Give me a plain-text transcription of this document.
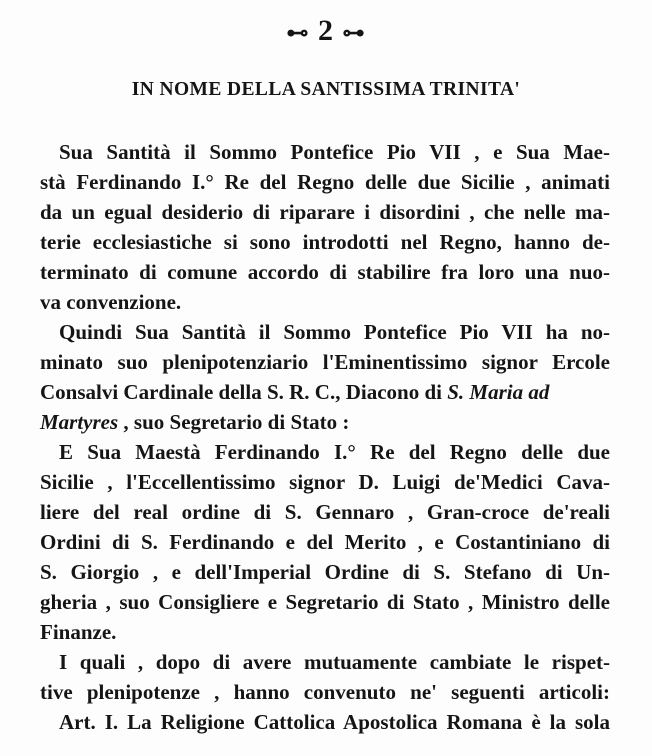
⊷ 2 ⊶
IN NOME DELLA SANTISSIMA TRINITA'
Sua Santità il Sommo Pontefice Pio VII , e Sua Mae-
stà Ferdinando I.° Re del Regno delle due Sicilie , animati
da un egual desiderio di riparare i disordini , che nelle ma-
terie ecclesiastiche si sono introdotti nel Regno, hanno de-
terminato di comune accordo di stabilire fra loro una nuo-
va convenzione.
Quindi Sua Santità il Sommo Pontefice Pio VII ha no-
minato suo plenipotenziario l'Eminentissimo signor Ercole
Consalvi Cardinale della S. R. C., Diacono di S. Maria ad
Martyres , suo Segretario di Stato :
E Sua Maestà Ferdinando I.° Re del Regno delle due
Sicilie , l'Eccellentissimo signor D. Luigi de'Medici Cava-
liere del real ordine di S. Gennaro , Gran-croce de'reali
Ordini di S. Ferdinando e del Merito , e Costantiniano di
S. Giorgio , e dell'Imperial Ordine di S. Stefano di Un-
gheria , suo Consigliere e Segretario di Stato , Ministro delle
Finanze.
I quali , dopo di avere mutuamente cambiate le rispet-
tive plenipotenze , hanno convenuto ne' seguenti articoli:
Art. I. La Religione Cattolica Apostolica Romana è la sola
